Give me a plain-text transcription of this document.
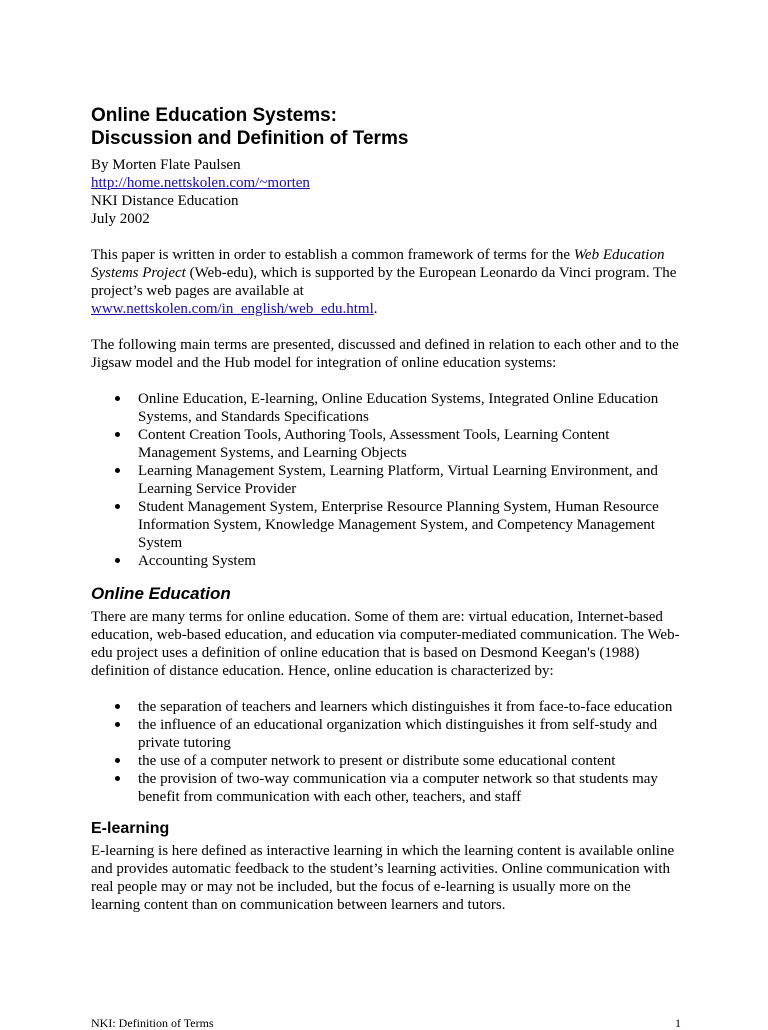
Online Education Systems:
Discussion and Definition of Terms
By Morten Flate Paulsen
http://home.nettskolen.com/~morten
NKI Distance Education
July 2002

This paper is written in order to establish a common framework of terms for the Web Education Systems Project (Web-edu), which is supported by the European Leonardo da Vinci program. The project’s web pages are available at
www.nettskolen.com/in_english/web_edu.html.

The following main terms are presented, discussed and defined in relation to each other and to the Jigsaw model and the Hub model for integration of online education systems:

Online Education, E-learning, Online Education Systems, Integrated Online Education Systems, and Standards Specifications
Content Creation Tools, Authoring Tools, Assessment Tools, Learning Content Management Systems, and Learning Objects
Learning Management System, Learning Platform, Virtual Learning Environment, and Learning Service Provider
Student Management System, Enterprise Resource Planning System, Human Resource Information System, Knowledge Management System, and Competency Management System
Accounting System
Online Education

There are many terms for online education. Some of them are: virtual education, Internet-based education, web-based education, and education via computer-mediated communication. The Web-edu project uses a definition of online education that is based on Desmond Keegan's (1988) definition of distance education. Hence, online education is characterized by:

the separation of teachers and learners which distinguishes it from face-to-face education
the influence of an educational organization which distinguishes it from self-study and private tutoring
the use of a computer network to present or distribute some educational content
the provision of two-way communication via a computer network so that students may benefit from communication with each other, teachers, and staff
E-learning

E-learning is here defined as interactive learning in which the learning content is available online and provides automatic feedback to the student’s learning activities. Online communication with real people may or may not be included, but the focus of e-learning is usually more on the learning content than on communication between learners and tutors.

NKI: Definition of Terms	1
